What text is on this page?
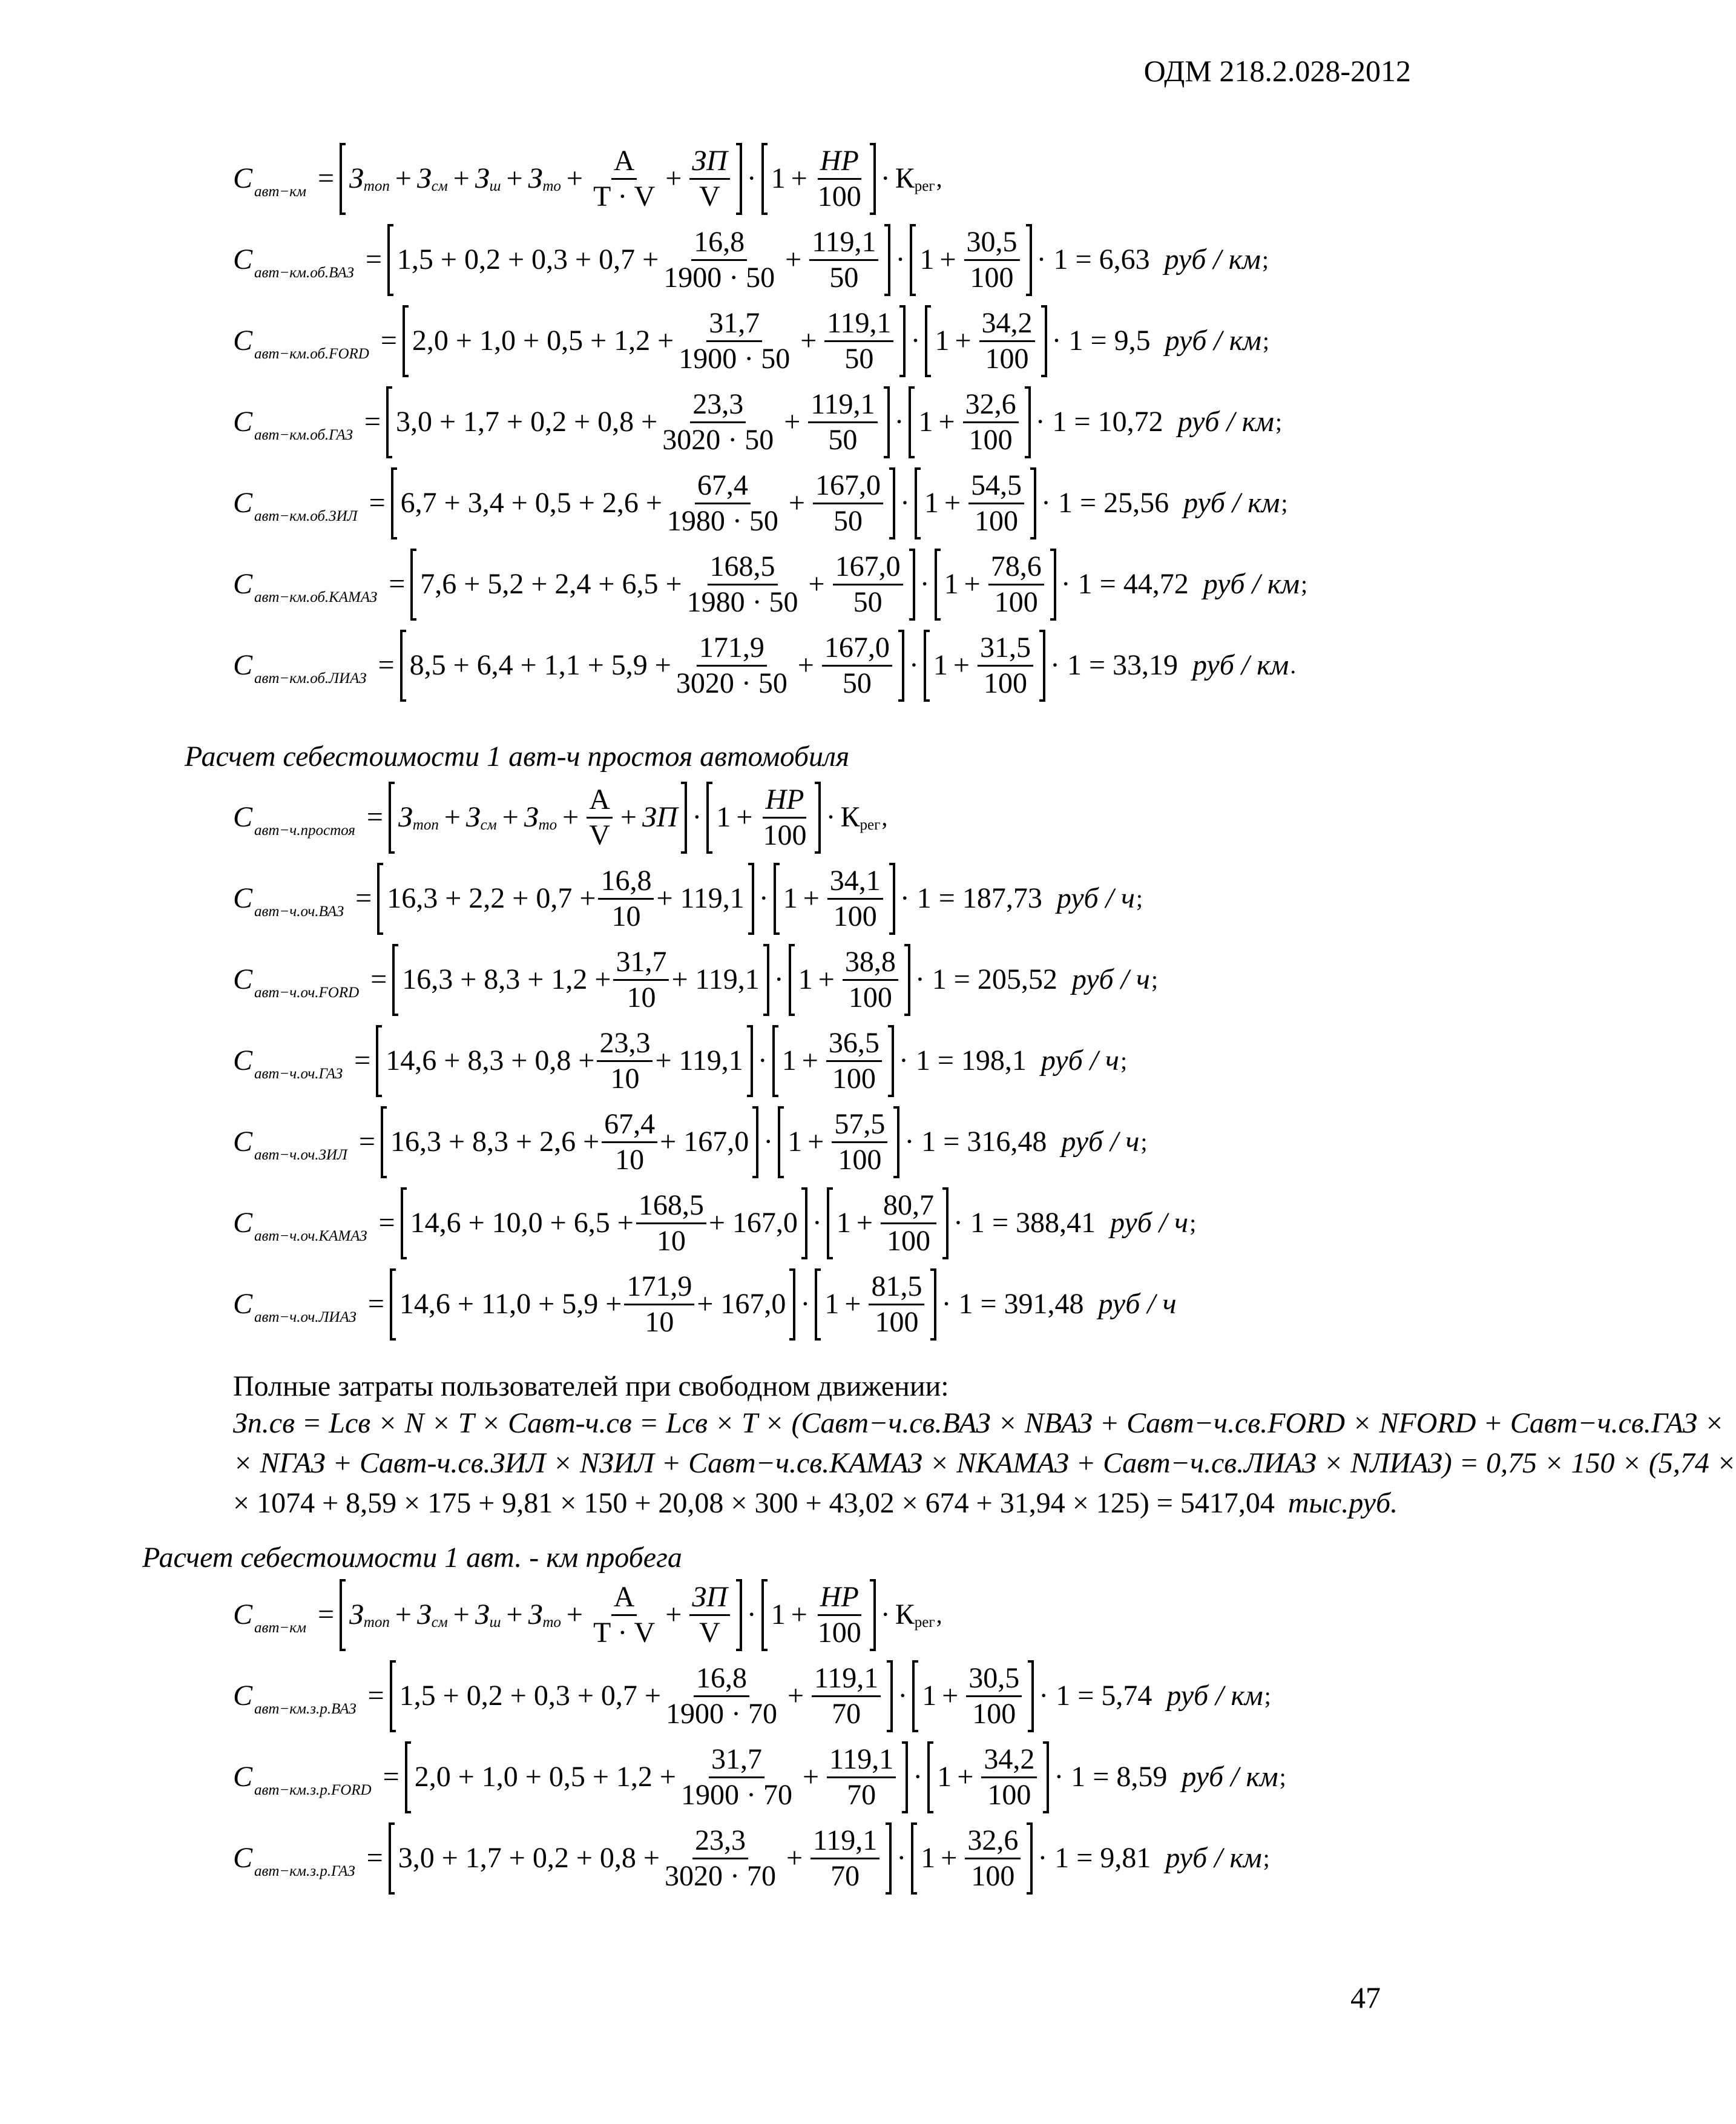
ОДМ 218.2.028-2012
C авт−км = З топ + З см + З ш + З то + $\frac{А}{T \cdot V} + \frac{ЗП}{V} \cdot 1 + \frac{НР}{100} \cdot К$ рег ,
C $авт-км.об.ВАЗ = 1,5 + 0,2 + 0,3 + 0,7 + \frac{16,8}{1900 \cdot 50} + \frac{119,1}{50} \cdot 1 + \frac{30,5}{100} \cdot 1 = 6,63$ руб / км ;
C авт−км.об.FORD = $2,0 + 1,0 + 0,5 + 1,2 + \frac{31,7}{1900 \cdot 50} + \frac{119,1}{50} \cdot 1 + \frac{34,2}{100} \cdot 1 = 9,5$ руб / км ;
C $авт-км.об.ГАЗ = 3,0 + 1,7 + 0,2 + 0,8 + \frac{23,3}{3020 \cdot 50} + \frac{119,1}{50} \cdot 1 + \frac{32,6}{100} \cdot 1 = 10,72$ руб / км ;
C $авт-км.об.ЗИЛ = 6,7 + 3,4 + 0,5 + 2,6 + \frac{67,4}{1980 \cdot 50} + \frac{167,0}{50} \cdot 1 + \frac{54,5}{100} \cdot 1 = 25,56$ руб / км ;
C авт−км.об.КАМАЗ = $7,6 + 5,2 + 2,4 + 6,5 + \frac{168,5}{1980 \cdot 50} + \frac{167,0}{50} \cdot 1 + \frac{78,6}{100} \cdot 1 = 44,72$ руб / км ;
C авт−км.об.ЛИАЗ = $8,5 + 6,4 + 1,1 + 5,9 + \frac{171,9}{3020 \cdot 50} + \frac{167,0}{50} \cdot 1 + \frac{31,5}{100} \cdot 1 = 33,19$ руб / км .
Расчет себестоимости 1 авт-ч простоя автомобиля
C авт−ч.простоя = З топ + З см + З то + $\frac{А}{V}$ + ЗП · $1 + \frac{НР}{100} \cdot К$ рег ,
C $авт-ч.оч.ВАЗ = 16,3 + 2,2 + 0,7 + \frac{16,8}{10} + 119,1 \cdot 1 + \frac{34,1}{100} \cdot 1 = 187,73$ руб / ч ;
C авт−ч.оч.FORD = $16,3 + 8,3 + 1,2 + \frac{31,7}{10} + 119,1 \cdot 1 + \frac{38,8}{100} \cdot 1 = 205,52$ руб / ч ;
C $авт-ч.оч.ГАЗ = 14,6 + 8,3 + 0,8 + \frac{23,3}{10} + 119,1 \cdot 1 + \frac{36,5}{100} \cdot 1 = 198,1$ руб / ч ;
C $авт-ч.оч.ЗИЛ = 16,3 + 8,3 + 2,6 + \frac{67,4}{10} + 167,0 \cdot 1 + \frac{57,5}{100} \cdot 1 = 316,48$ руб / ч ;
C авт−ч.оч.КАМАЗ = $14,6 + 10,0 + 6,5 + \frac{168,5}{10} + 167,0 \cdot 1 + \frac{80,7}{100} \cdot 1 = 388,41$ руб / ч ;
C авт−ч.оч.ЛИАЗ = $14,6 + 11,0 + 5,9 + \frac{171,9}{10} + 167,0 \cdot 1 + \frac{81,5}{100} \cdot 1 = 391,48$ руб / ч
Полные затраты пользователей при свободном движении:
Зп.св = Lсв × N × T × Cавт-ч.св = Lсв × T × (Cавт−ч.св.ВАЗ × NВАЗ + Cавт−ч.св.FORD × NFORD + Cавт−ч.св.ГАЗ ×
× NГАЗ + Cавт-ч.св.ЗИЛ × NЗИЛ + Cавт−ч.св.КАМАЗ × NКАМАЗ + Cавт−ч.св.ЛИАЗ × NЛИАЗ) = 0,75 × 150 × (5,74 ×
× 1074 + 8,59 × 175 + 9,81 × 150 + 20,08 × 300 + 43,02 × 674 + 31,94 × 125) = 5417,04 тыс.руб.
Расчет себестоимости 1 авт. - км пробега
C авт−км = З топ + З см + З ш + З то + $\frac{А}{T \cdot V} + \frac{ЗП}{V} \cdot 1 + \frac{НР}{100} \cdot К$ рег ,
C $авт-км.з.р.ВАЗ = 1,5 + 0,2 + 0,3 + 0,7 + \frac{16,8}{1900 \cdot 70} + \frac{119,1}{70} \cdot 1 + \frac{30,5}{100} \cdot 1 = 5,74$ руб / км ;
C авт−км.з.р.FORD = $2,0 + 1,0 + 0,5 + 1,2 + \frac{31,7}{1900 \cdot 70} + \frac{119,1}{70} \cdot 1 + \frac{34,2}{100} \cdot 1 = 8,59$ руб / км ;
C $авт-км.з.р.ГАЗ = 3,0 + 1,7 + 0,2 + 0,8 + \frac{23,3}{3020 \cdot 70} + \frac{119,1}{70} \cdot 1 + \frac{32,6}{100} \cdot 1 = 9,81$ руб / км ;
47
